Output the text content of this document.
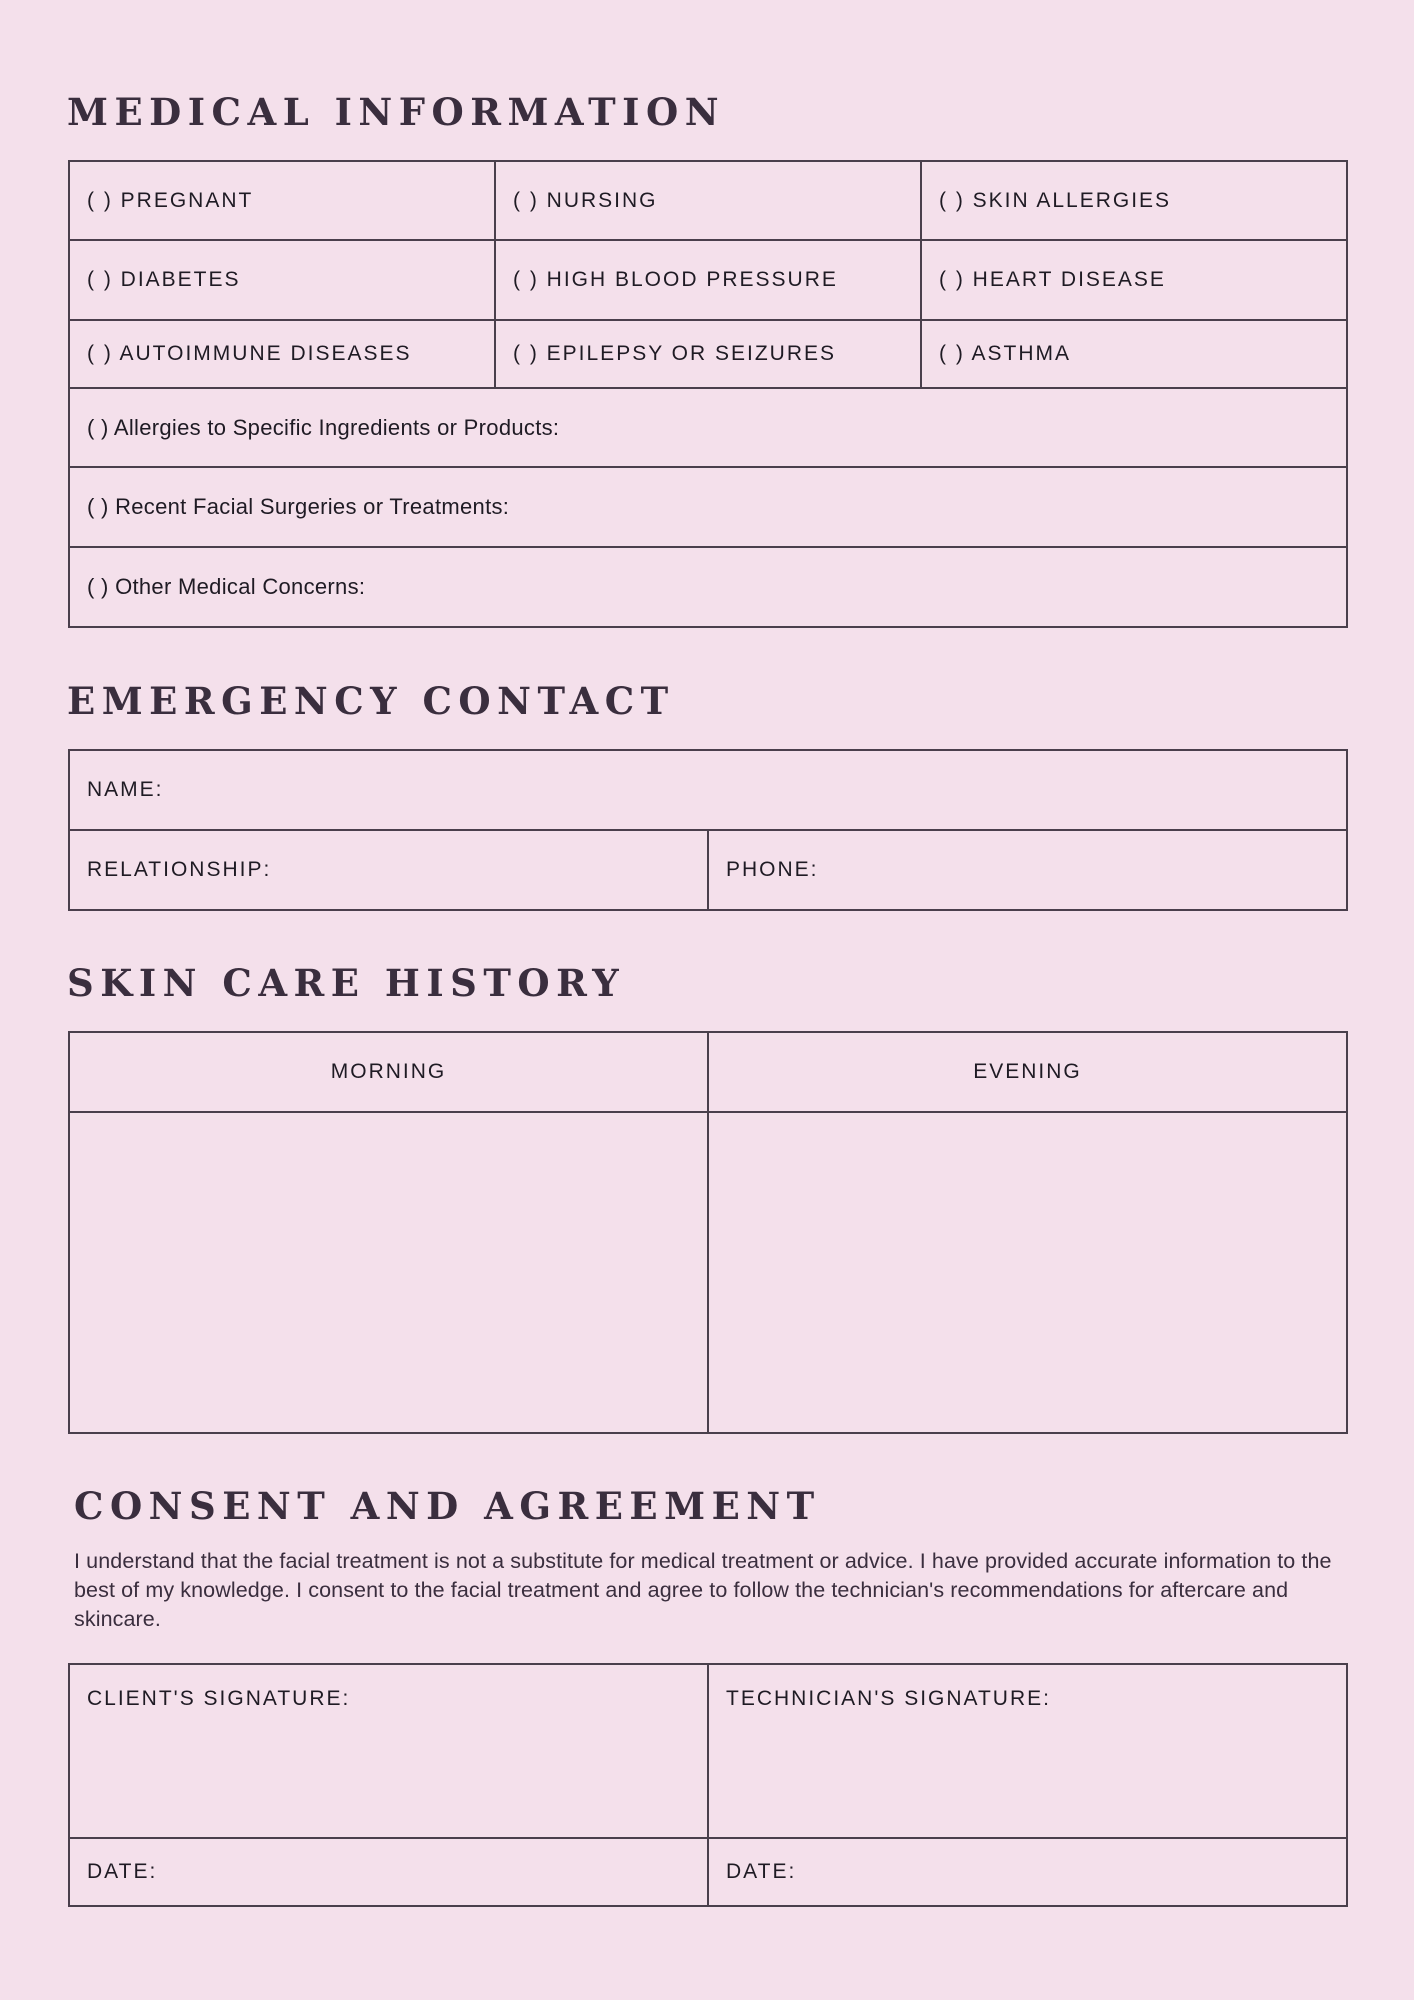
MEDICAL INFORMATION
( ) PREGNANT	( ) NURSING	( ) SKIN ALLERGIES
( ) DIABETES	( ) HIGH BLOOD PRESSURE	( ) HEART DISEASE
( ) AUTOIMMUNE DISEASES	( ) EPILEPSY OR SEIZURES	( ) ASTHMA
( ) Allergies to Specific Ingredients or Products:		
( ) Recent Facial Surgeries or Treatments:		
( ) Other Medical Concerns:		
EMERGENCY CONTACT
NAME:
RELATIONSHIP:	PHONE:
SKIN CARE HISTORY
MORNING	EVENING

CONSENT AND AGREEMENT

I understand that the facial treatment is not a substitute for medical treatment or advice. I have provided accurate information to the best of my knowledge. I consent to the facial treatment and agree to follow the technician's recommendations for aftercare and skincare.

CLIENT'S SIGNATURE:	TECHNICIAN'S SIGNATURE:
DATE:	DATE:
